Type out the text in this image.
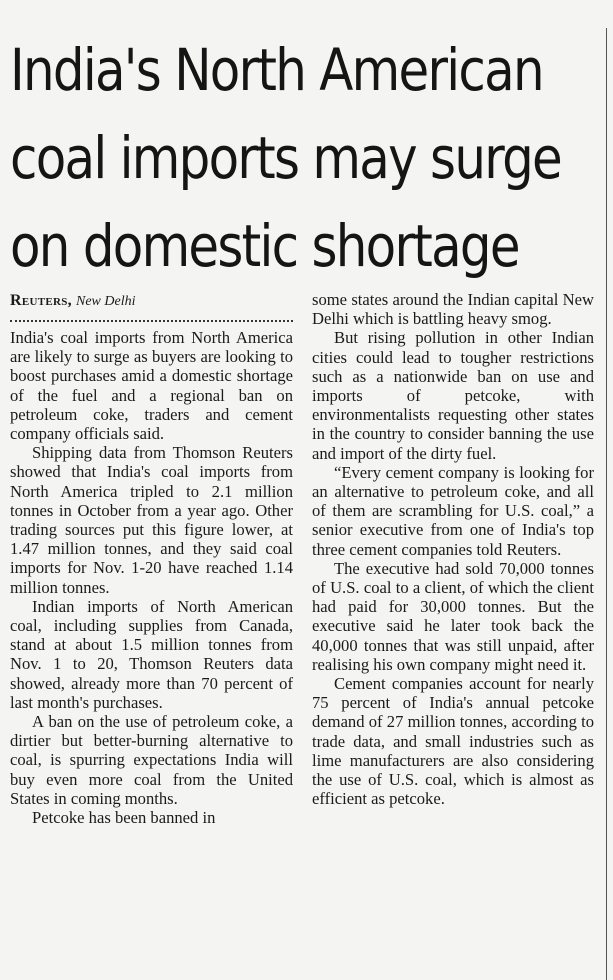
India's North American
coal imports may surge
on domestic shortage
Reuters, New Delhi

India's coal imports from North America are likely to surge as buyers are looking to boost purchases amid a domestic shortage of the fuel and a regional ban on petroleum coke, traders and cement company officials said.

Shipping data from Thomson Reuters showed that India's coal imports from North America tripled to 2.1 million tonnes in October from a year ago. Other trading sources put this figure lower, at 1.47 million tonnes, and they said coal imports for Nov. 1-20 have reached 1.14 million tonnes.

Indian imports of North American coal, including supplies from Canada, stand at about 1.5 million tonnes from Nov. 1 to 20, Thomson Reuters data showed, already more than 70 percent of last month's purchases.

A ban on the use of petroleum coke, a dirtier but better-burning alternative to coal, is spurring expectations India will buy even more coal from the United States in coming months.

Petcoke has been banned in

some states around the Indian capital New Delhi which is battling heavy smog.

But rising pollution in other Indian cities could lead to tougher restrictions such as a nationwide ban on use and imports of petcoke, with environmentalists requesting other states in the country to consider banning the use and import of the dirty fuel.

“Every cement company is looking for an alternative to petroleum coke, and all of them are scrambling for U.S. coal,” a senior executive from one of India's top three cement companies told Reuters.

The executive had sold 70,000 tonnes of U.S. coal to a client, of which the client had paid for 30,000 tonnes. But the executive said he later took back the 40,000 tonnes that was still unpaid, after realising his own company might need it.

Cement companies account for nearly 75 percent of India's annual petcoke demand of 27 million tonnes, according to trade data, and small industries such as lime manufacturers are also considering the use of U.S. coal, which is almost as efficient as petcoke.
